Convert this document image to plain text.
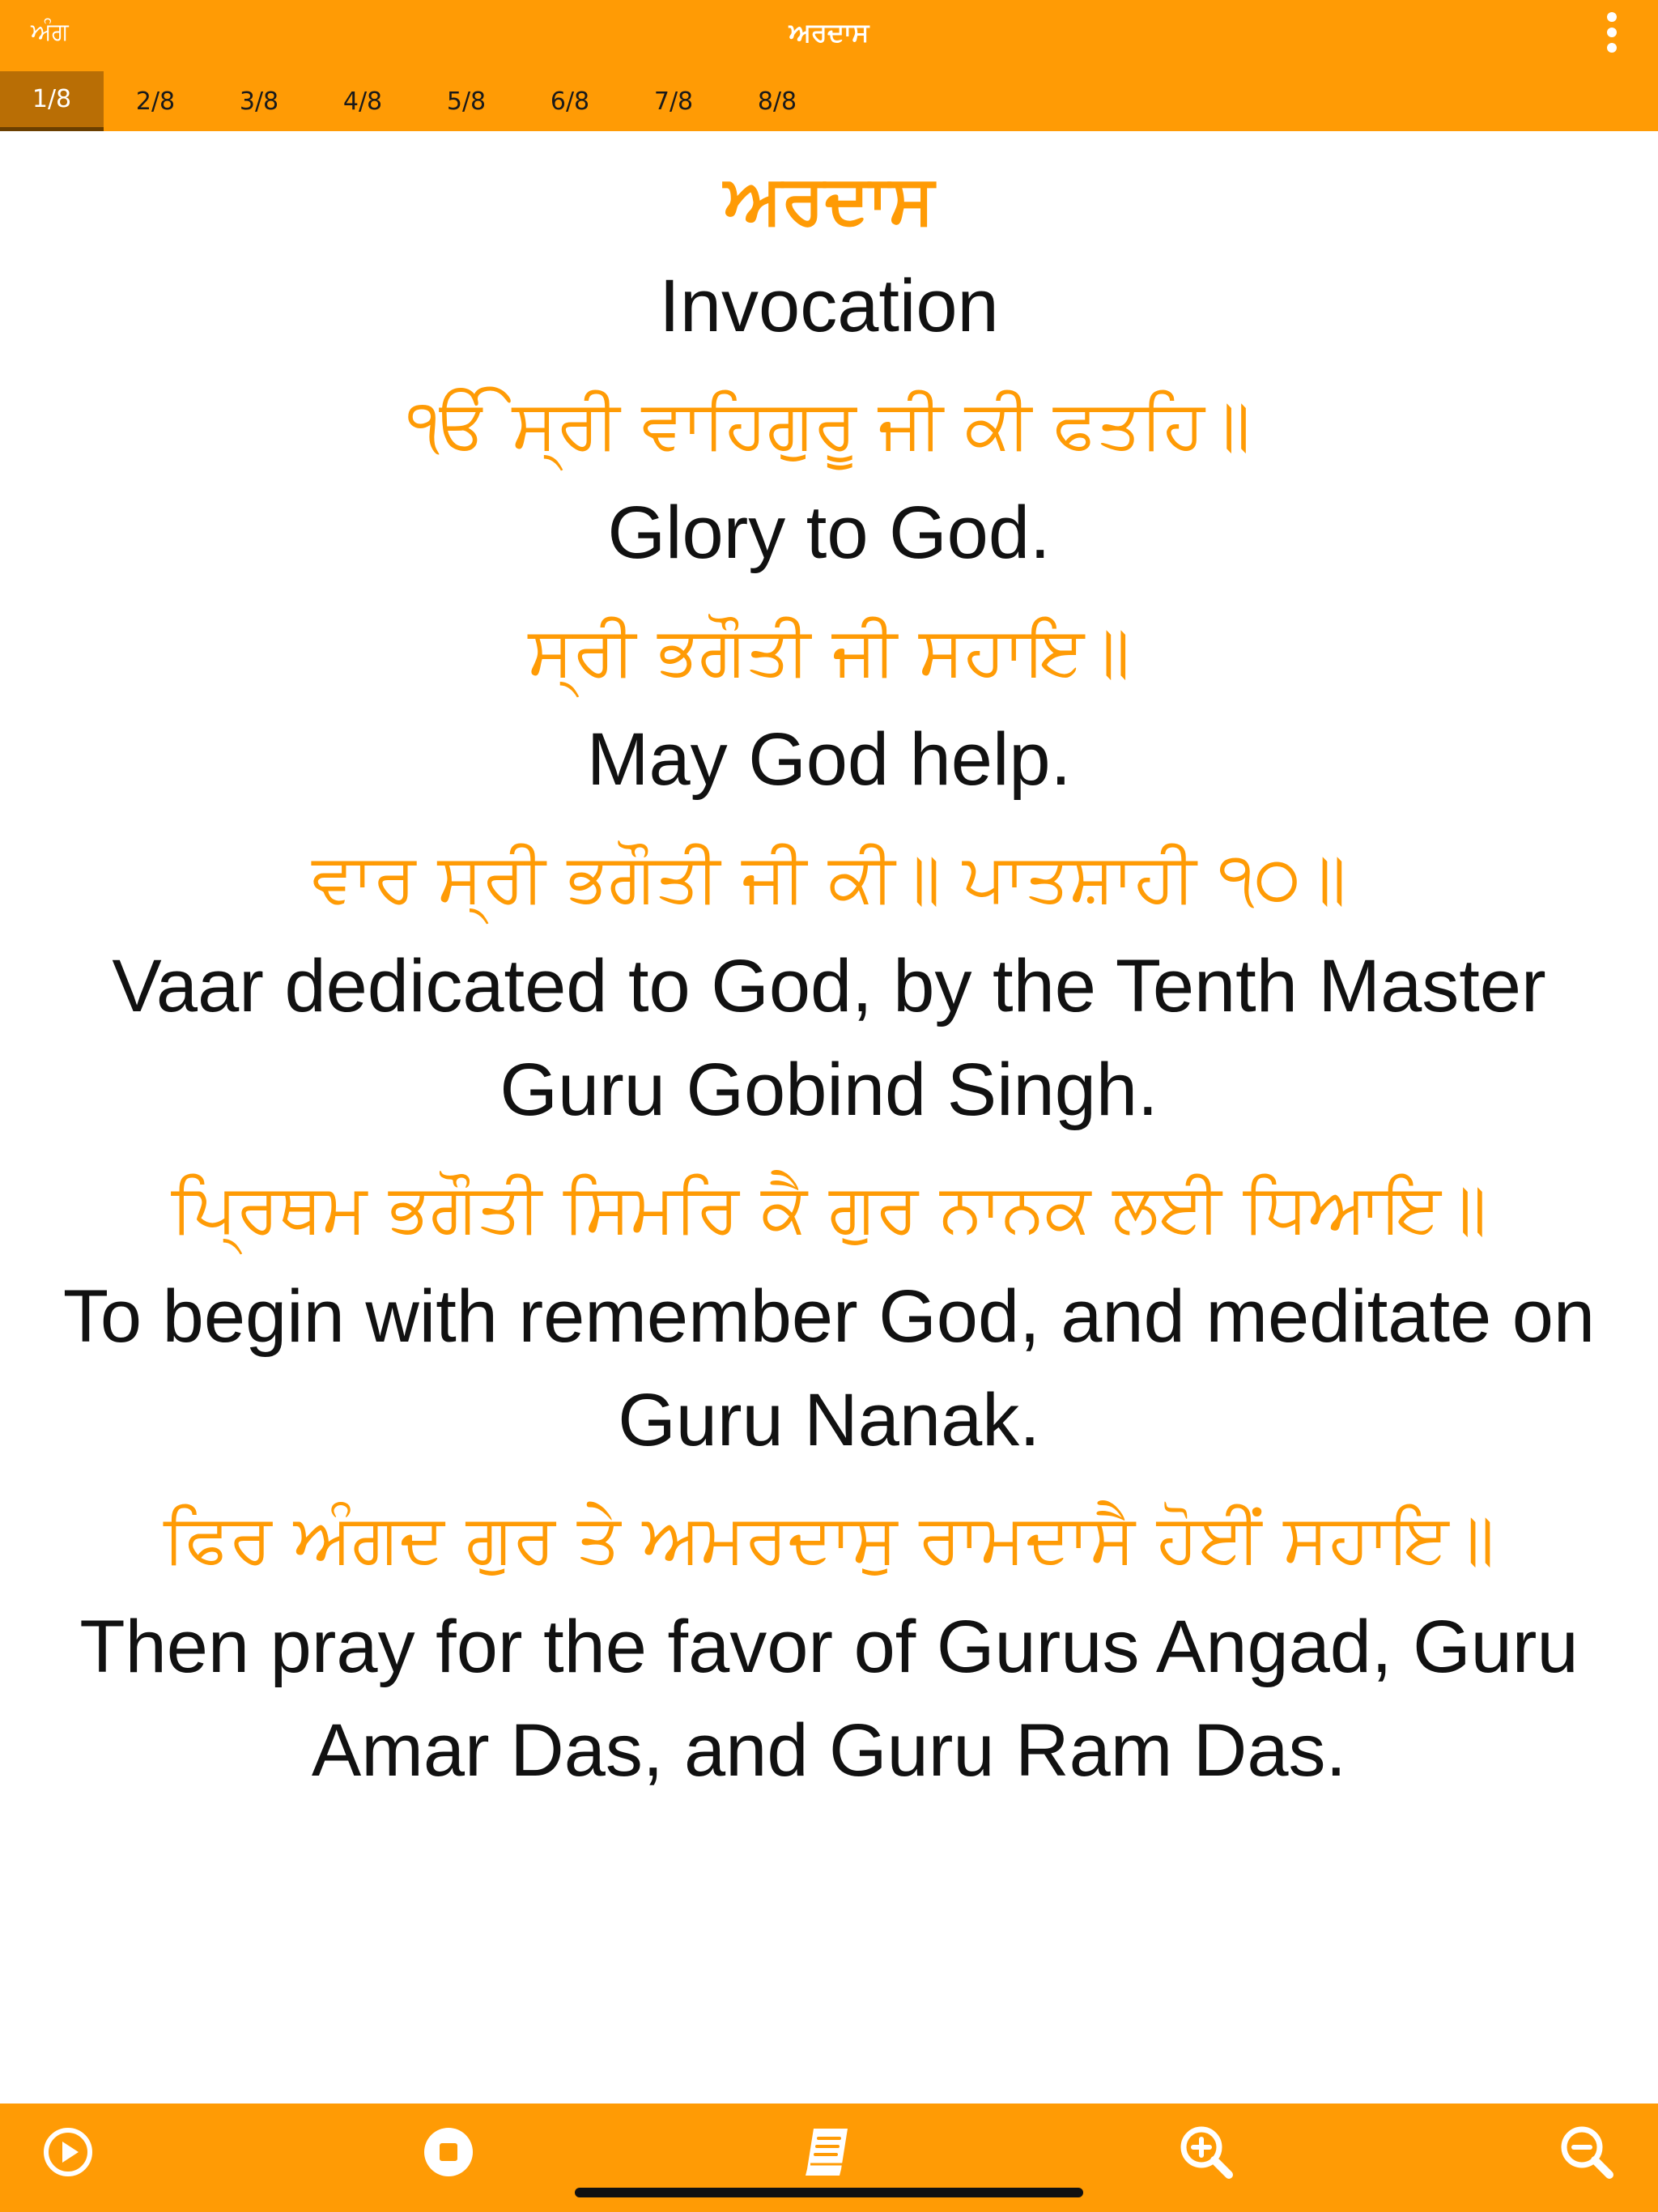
ਅੰਗ	ਅਰਦਾਸ
1/8	2/8	3/8	4/8	5/8	6/8	7/8	8/8
ਅਰਦਾਸ
Invocation
ੴ ਸ੍ਰੀ ਵਾਹਿਗੁਰੂ ਜੀ ਕੀ ਫਤਹਿ॥
Glory to God.
ਸ੍ਰੀ ਭਗੌਤੀ ਜੀ ਸਹਾਇ॥
May God help.
ਵਾਰ ਸ੍ਰੀ ਭਗੌਤੀ ਜੀ ਕੀ॥ ਪਾਤਸ਼ਾਹੀ ੧੦॥
Vaar dedicated to God, by the Tenth Master Guru Gobind Singh.
ਪ੍ਰਿਥਮ ਭਗੌਤੀ ਸਿਮਰਿ ਕੈ ਗੁਰ ਨਾਨਕ ਲਈ ਧਿਆਇ॥
To begin with remember God, and meditate on Guru Nanak.
ਫਿਰ ਅੰਗਦ ਗੁਰ ਤੇ ਅਮਰਦਾਸੁ ਰਾਮਦਾਸੈ ਹੋਈਂ ਸਹਾਇ॥
Then pray for the favor of Gurus Angad, Guru Amar Das, and Guru Ram Das.
